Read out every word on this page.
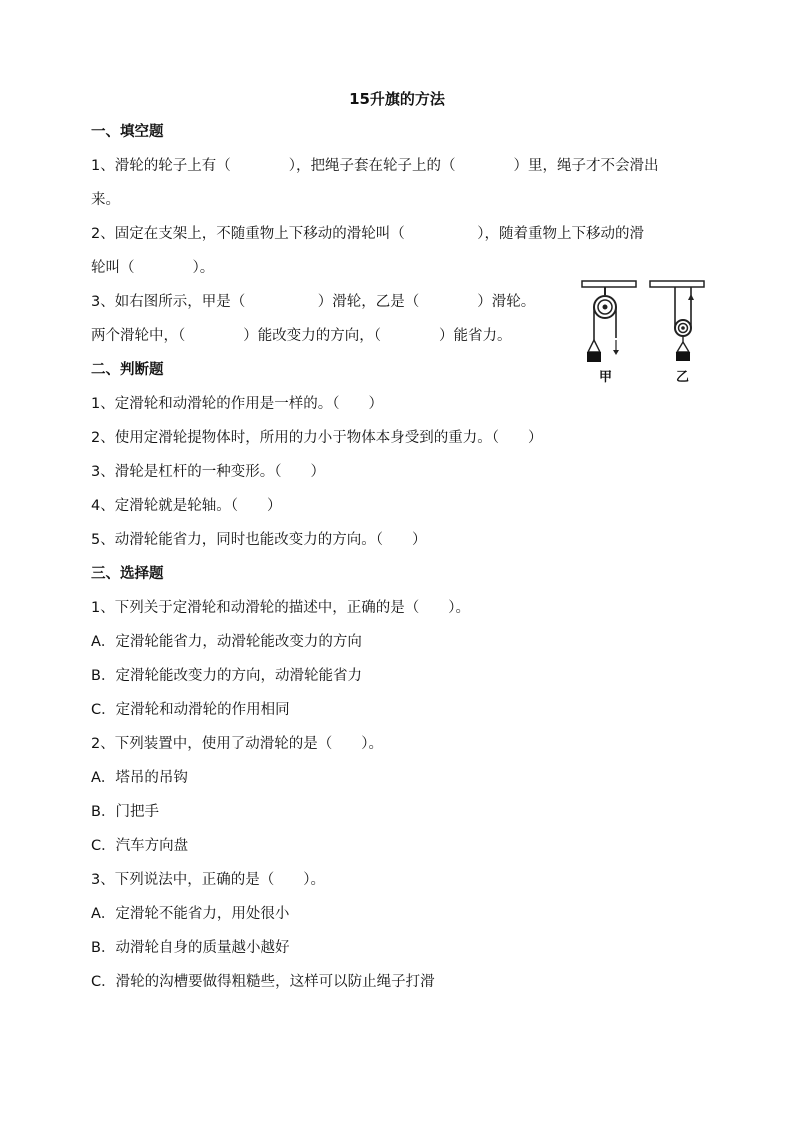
15升旗的方法
一、填空题
1、滑轮的轮子上有（　　　　），把绳子套在轮子上的（　　　　）里，绳子才不会滑出
来。
2、固定在支架上，不随重物上下移动的滑轮叫（　　　　　），随着重物上下移动的滑
轮叫（　　　　）。
3、如右图所示，甲是（　　　　　）滑轮，乙是（　　　　）滑轮。
两个滑轮中，（　　　　）能改变力的方向，（　　　　）能省力。
甲	乙
二、判断题
1、定滑轮和动滑轮的作用是一样的。（　　）
2、使用定滑轮提物体时，所用的力小于物体本身受到的重力。（　　）
3、滑轮是杠杆的一种变形。（　　）
4、定滑轮就是轮轴。（　　）
5、动滑轮能省力，同时也能改变力的方向。（　　）
三、选择题
1、下列关于定滑轮和动滑轮的描述中，正确的是（　　）。
A．定滑轮能省力，动滑轮能改变力的方向
B．定滑轮能改变力的方向，动滑轮能省力
C．定滑轮和动滑轮的作用相同
2、下列装置中，使用了动滑轮的是（　　）。
A．塔吊的吊钩
B．门把手
C．汽车方向盘
3、下列说法中，正确的是（　　）。
A．定滑轮不能省力，用处很小
B．动滑轮自身的质量越小越好
C．滑轮的沟槽要做得粗糙些，这样可以防止绳子打滑
